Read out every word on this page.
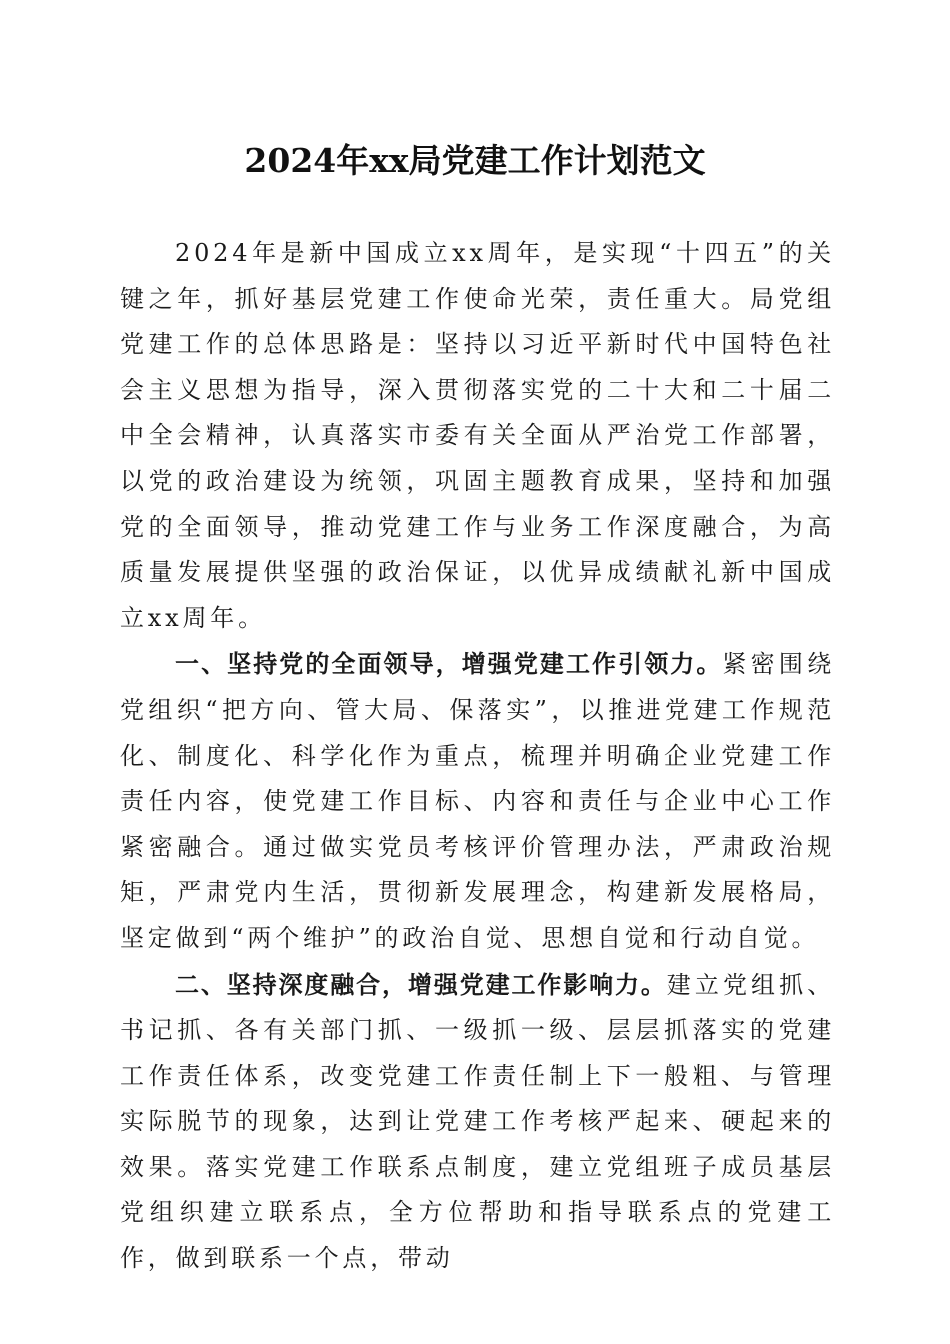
2024年xx局党建工作计划范文

2024年是新中国成立xx周年，是实现“十四五”的关键之年，抓好基层党建工作使命光荣，责任重大。局党组党建工作的总体思路是：坚持以习近平新时代中国特色社会主义思想为指导，深入贯彻落实党的二十大和二十届二中全会精神，认真落实市委有关全面从严治党工作部署，以党的政治建设为统领，巩固主题教育成果，坚持和加强党的全面领导，推动党建工作与业务工作深度融合，为高质量发展提供坚强的政治保证，以优异成绩献礼新中国成立xx周年。

一、坚持党的全面领导，增强党建工作引领力。紧密围绕党组织“把方向、管大局、保落实”，以推进党建工作规范化、制度化、科学化作为重点，梳理并明确企业党建工作责任内容，使党建工作目标、内容和责任与企业中心工作紧密融合。通过做实党员考核评价管理办法，严肃政治规矩，严肃党内生活，贯彻新发展理念，构建新发展格局，坚定做到“两个维护”的政治自觉、思想自觉和行动自觉。

二、坚持深度融合，增强党建工作影响力。建立党组抓、书记抓、各有关部门抓、一级抓一级、层层抓落实的党建工作责任体系，改变党建工作责任制上下一般粗、与管理实际脱节的现象，达到让党建工作考核严起来、硬起来的效果。落实党建工作联系点制度，建立党组班子成员基层党组织建立联系点，全方位帮助和指导联系点的党建工作，做到联系一个点，带动
